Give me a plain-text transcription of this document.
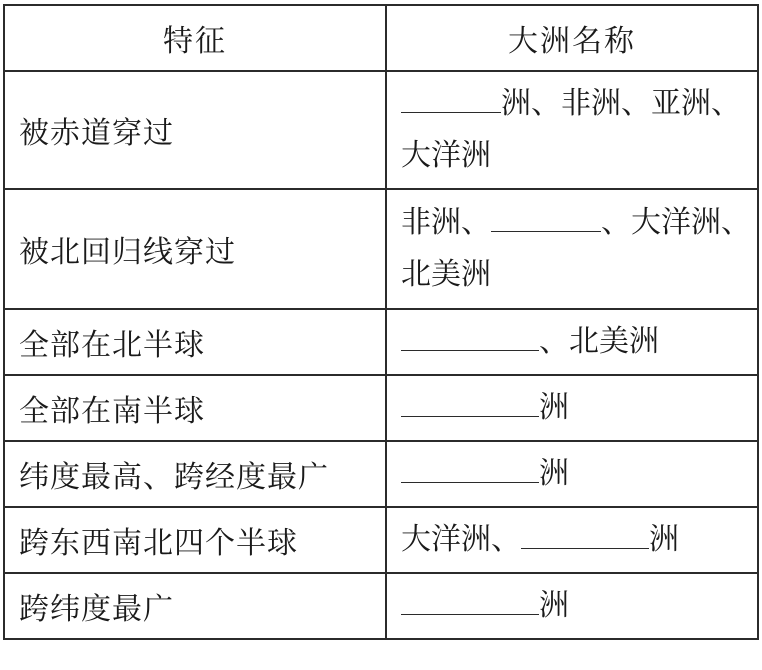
特征	大洲名称
被赤道穿过	洲、非洲、亚洲、
大洋洲
被北回归线穿过	非洲、 、大洋洲、
北美洲
全部在北半球	、北美洲
全部在南半球	洲
纬度最高、跨经度最广	洲
跨东西南北四个半球	大洋洲、 洲
跨纬度最广	洲
